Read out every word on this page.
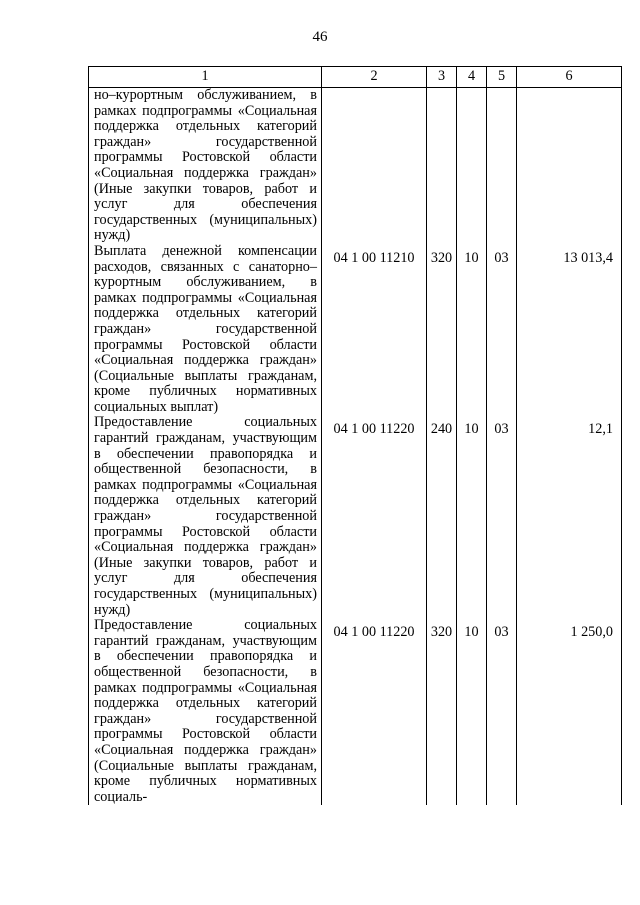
46
1	2	3	4	5	6

но–курортным обслуживанием, в рамках подпрограммы «Социальная поддержка отдельных категорий граждан» государственной программы Ростовской области «Социальная поддержка граждан» (Иные закупки товаров, работ и услуг для обеспечения государственных (муниципальных) нужд)					

Выплата денежной компенсации расходов, связанных с санаторно–курортным обслуживанием, в рамках подпрограммы «Социальная поддержка отдельных категорий граждан» государственной программы Ростовской области «Социальная поддержка граждан» (Социальные выплаты гражданам, кроме публичных нормативных социальных выплат)	04 1 00 11210	320	10	03	13 013,4

Предоставление социальных гарантий гражданам, участвующим в обеспечении правопорядка и общественной безопасности, в рамках подпрограммы «Социальная поддержка отдельных категорий граждан» государственной программы Ростовской области «Социальная поддержка граждан» (Иные закупки товаров, работ и услуг для обеспечения государственных (муниципальных) нужд)	04 1 00 11220	240	10	03	12,1

Предоставление социальных гарантий гражданам, участвующим в обеспечении правопорядка и общественной безопасности, в рамках подпрограммы «Социальная поддержка отдельных категорий граждан» государственной программы Ростовской области «Социальная поддержка граждан» (Социальные выплаты гражданам, кроме публичных нормативных социаль-	04 1 00 11220	320	10	03	1 250,0
